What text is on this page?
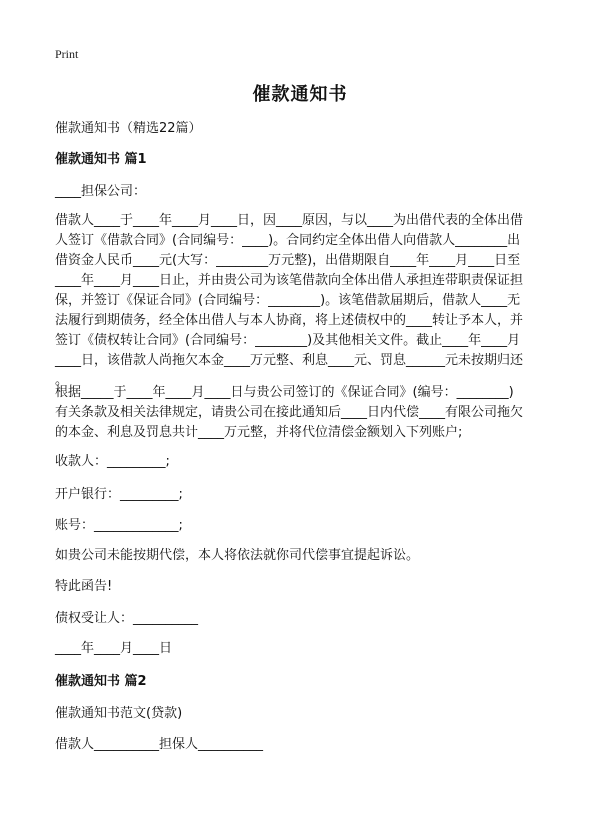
Print
催款通知书
催款通知书（精选22篇）
催款通知书 篇1
____担保公司：
借款人____于____年____月____日，因____原因，与以____为出借代表的全体出借
人签订《借款合同》(合同编号：____)。合同约定全体出借人向借款人________出
借资金人民币____元(大写：________万元整)，出借期限自____年____月____日至
____年____月____日止，并由贵公司为该笔借款向全体出借人承担连带职责保证担
保，并签订《保证合同》(合同编号：________)。该笔借款届期后，借款人____无
法履行到期债务，经全体出借人与本人协商，将上述债权中的____转让予本人，并
签订《债权转让合同》(合同编号：________)及其他相关文件。截止____年____月
____日，该借款人尚拖欠本金____万元整、利息____元、罚息______元未按期归还
。
根据_____于____年____月____日与贵公司签订的《保证合同》(编号：________)
有关条款及相关法律规定，请贵公司在接此通知后____日内代偿____有限公司拖欠
的本金、利息及罚息共计____万元整，并将代位清偿金额划入下列账户;
收款人：_________;
开户银行：_________;
账号：_____________;
如贵公司未能按期代偿，本人将依法就你司代偿事宜提起诉讼。
特此函告!
债权受让人：__________
____年____月____日
催款通知书 篇2
催款通知书范文(贷款)
借款人__________担保人__________
